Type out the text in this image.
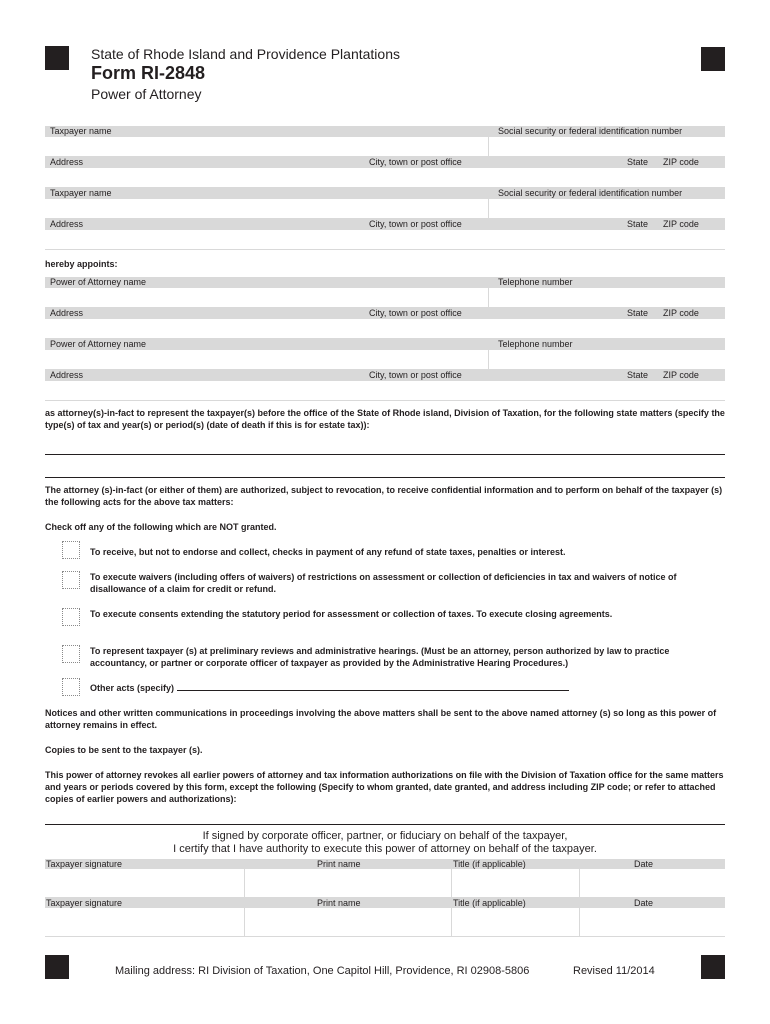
State of Rhode Island and Providence Plantations
Form RI-2848
Power of Attorney
Taxpayer name	Social security or federal identification number
Address	City, town or post office	State ZIP code
Taxpayer name	Social security or federal identification number
Address	City, town or post office	State ZIP code
hereby appoints:
Power of Attorney name	Telephone number
Address	City, town or post office	State ZIP code
Power of Attorney name	Telephone number
Address	City, town or post office	State ZIP code
as attorney(s)-in-fact to represent the taxpayer(s) before the office of the State of Rhode island, Division of Taxation, for the following state matters (specify the type(s) of tax and year(s) or period(s) (date of death if this is for estate tax)):
The attorney (s)-in-fact (or either of them) are authorized, subject to revocation, to receive confidential information and to perform on behalf of the taxpayer (s) the following acts for the above tax matters:
Check off any of the following which are NOT granted.
To receive, but not to endorse and collect, checks in payment of any refund of state taxes, penalties or interest.
To execute waivers (including offers of waivers) of restrictions on assessment or collection of deficiencies in tax and waivers of notice of disallowance of a claim for credit or refund.
To execute consents extending the statutory period for assessment or collection of taxes. To execute closing agreements.
To represent taxpayer (s) at preliminary reviews and administrative hearings. (Must be an attorney, person authorized by law to practice accountancy, or partner or corporate officer of taxpayer as provided by the Administrative Hearing Procedures.)
Other acts (specify)
Notices and other written communications in proceedings involving the above matters shall be sent to the above named attorney (s) so long as this power of attorney remains in effect.
Copies to be sent to the taxpayer (s).
This power of attorney revokes all earlier powers of attorney and tax information authorizations on file with the Division of Taxation office for the same matters and years or periods covered by this form, except the following (Specify to whom granted, date granted, and address including ZIP code; or refer to attached copies of earlier powers and authorizations):
If signed by corporate officer, partner, or fiduciary on behalf of the taxpayer,
I certify that I have authority to execute this power of attorney on behalf of the taxpayer.
Taxpayer signature	Print name	Title (if applicable)	Date
Taxpayer signature	Print name	Title (if applicable)	Date
Mailing address: RI Division of Taxation, One Capitol Hill, Providence, RI 02908-5806	Revised 11/2014
